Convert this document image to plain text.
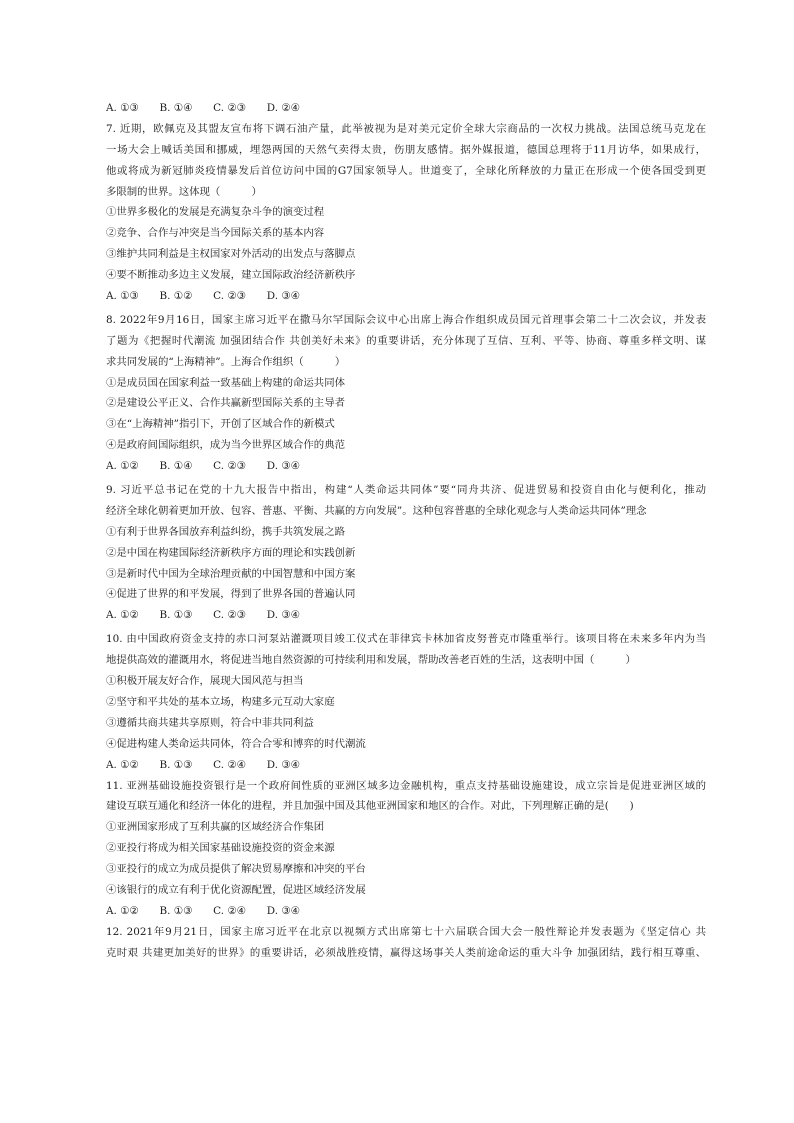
A. ①③　　B. ①④　　C. ②③　　D. ②④
7. 近期，欧佩克及其盟友宣布将下调石油产量，此举被视为是对美元定价全球大宗商品的一次权力挑战。法国总统马克龙在
一场大会上喊话美国和挪威，埋怨两国的天然气卖得太贵，伤朋友感情。据外媒报道，德国总理将于11月访华，如果成行，
他或将成为新冠肺炎疫情暴发后首位访问中国的G7国家领导人。世道变了，全球化所释放的力量正在形成一个使各国受到更
多限制的世界。这体现（　　　）
①世界多极化的发展是充满复杂斗争的演变过程
②竞争、合作与冲突是当今国际关系的基本内容
③维护共同利益是主权国家对外活动的出发点与落脚点
④要不断推动多边主义发展，建立国际政治经济新秩序
A. ①③　　B. ①②　　C. ②③　　D. ③④
8. 2022年9月16日，国家主席习近平在撒马尔罕国际会议中心出席上海合作组织成员国元首理事会第二十二次会议，并发表
了题为《把握时代潮流 加强团结合作 共创美好未来》的重要讲话，充分体现了互信、互利、平等、协商、尊重多样文明、谋
求共同发展的“上海精神”。上海合作组织（　　　）
①是成员国在国家利益一致基础上构建的命运共同体
②是建设公平正义、合作共赢新型国际关系的主导者
③在“上海精神”指引下，开创了区域合作的新模式
④是政府间国际组织，成为当今世界区域合作的典范
A. ①②　　B. ①④　　C. ②③　　D. ③④
9. 习近平总书记在党的十九大报告中指出，构建“人类命运共同体”要“同舟共济、促进贸易和投资自由化与便利化，推动
经济全球化朝着更加开放、包容、普惠、平衡、共赢的方向发展”。这种包容普惠的全球化观念与人类命运共同体”理念
①有利于世界各国放弃利益纠纷，携手共筑发展之路
②是中国在构建国际经济新秩序方面的理论和实践创新
③是新时代中国为全球治理贡献的中国智慧和中国方案
④促进了世界的和平发展，得到了世界各国的普遍认同
A. ①②　　B. ①③　　C. ②③　　D. ③④
10. 由中国政府资金支持的赤口河泵站灌溉项目竣工仪式在菲律宾卡林加省皮努普克市隆重举行。该项目将在未来多年内为当
地提供高效的灌溉用水，将促进当地自然资源的可持续利用和发展，帮助改善老百姓的生活，这表明中国（　　　）
①积极开展友好合作，展现大国风范与担当
②坚守和平共处的基本立场，构建多元互动大家庭
③遵循共商共建共享原则，符合中菲共同利益
④促进构建人类命运共同体，符合合零和博弈的时代潮流
A. ①②　　B. ①③　　C. ②④　　D. ③④
11. 亚洲基础设施投资银行是一个政府间性质的亚洲区域多边金融机构，重点支持基础设施建设，成立宗旨是促进亚洲区域的
建设互联互通化和经济一体化的进程，并且加强中国及其他亚洲国家和地区的合作。对此，下列理解正确的是(　　)
①亚洲国家形成了互利共赢的区域经济合作集团
②亚投行将成为相关国家基础设施投资的资金来源
③亚投行的成立为成员提供了解决贸易摩擦和冲突的平台
④该银行的成立有利于优化资源配置，促进区域经济发展
A. ①②　　B. ①③　　C. ②④　　D. ③④
12. 2021年9月21日，国家主席习近平在北京以视频方式出席第七十六届联合国大会一般性辩论并发表题为《坚定信心 共
克时艰 共建更加美好的世界》的重要讲话，必须战胜疫情，赢得这场事关人类前途命运的重大斗争 加强团结，践行相互尊重、
